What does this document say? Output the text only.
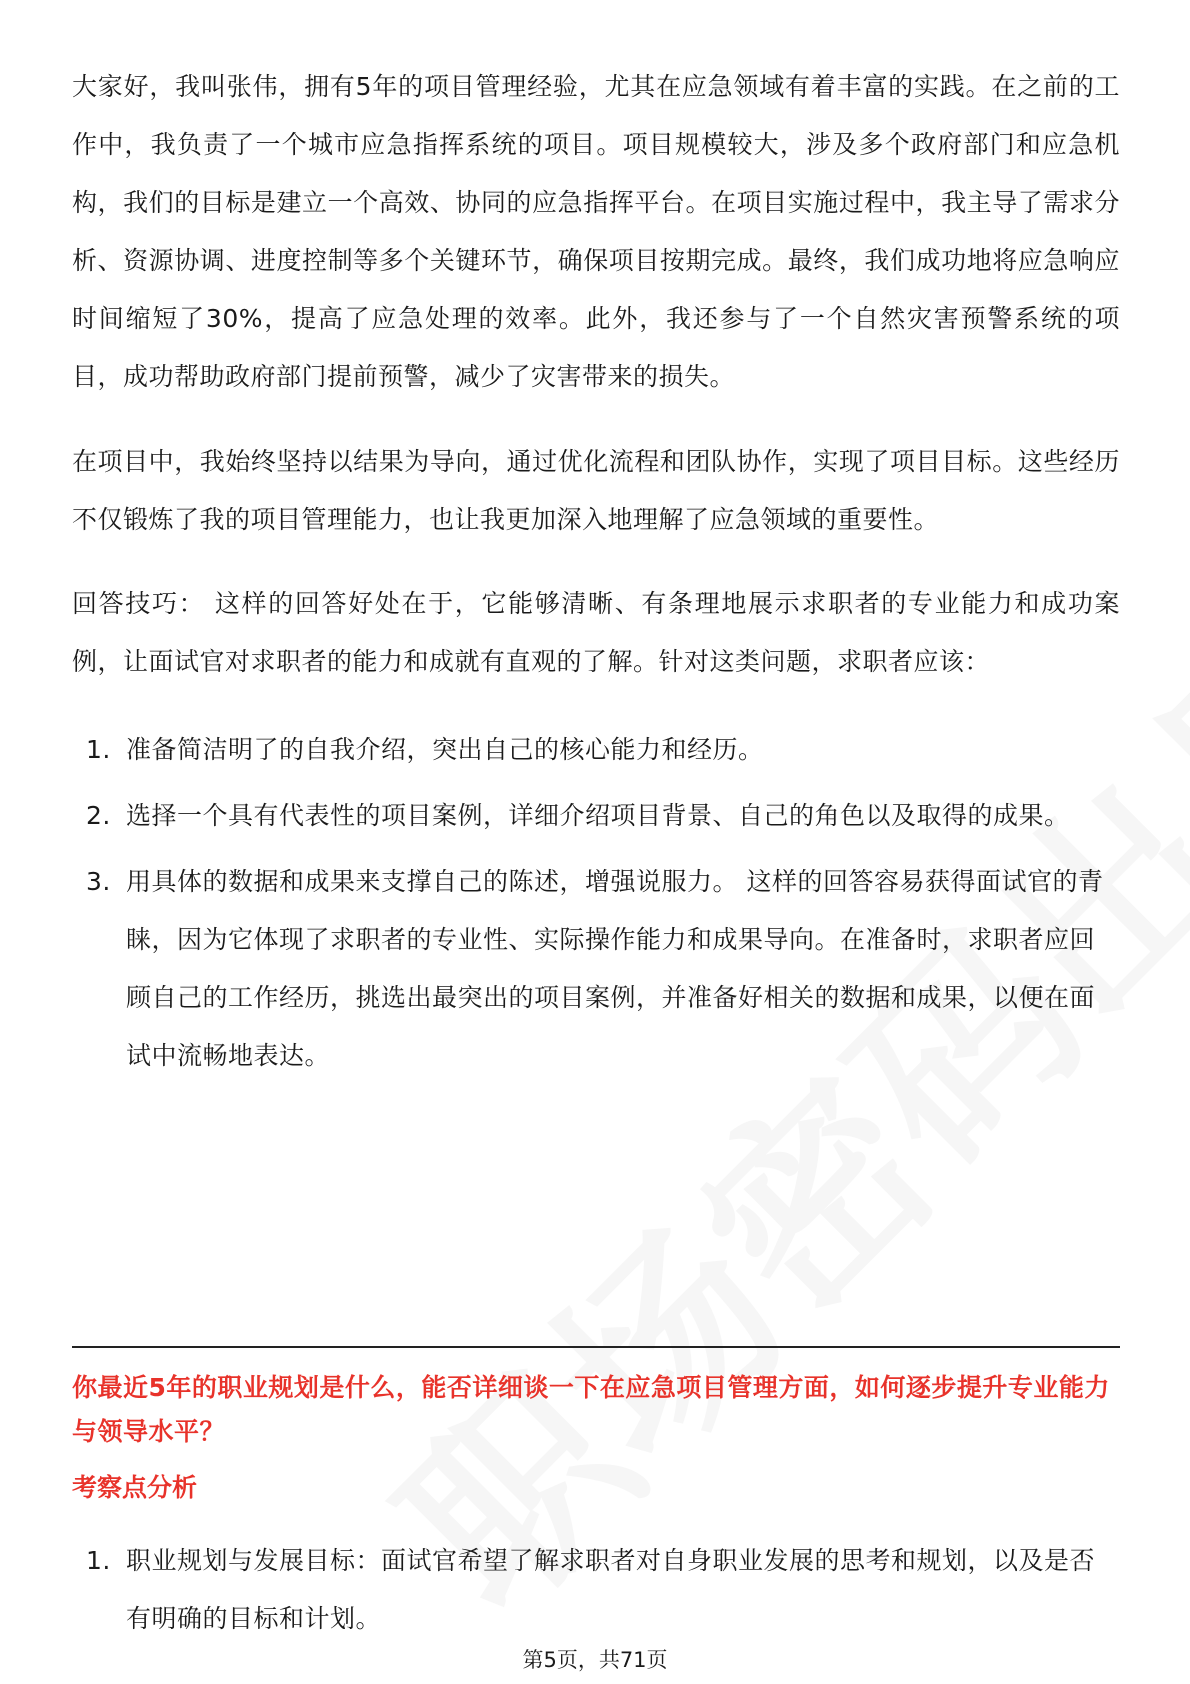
大家好，我叫张伟，拥有5年的项目管理经验，尤其在应急领域有着丰富的实践。在之前的工作中，我负责了一个城市应急指挥系统的项目。项目规模较大，涉及多个政府部门和应急机构，我们的目标是建立一个高效、协同的应急指挥平台。在项目实施过程中，我主导了需求分析、资源协调、进度控制等多个关键环节，确保项目按期完成。最终，我们成功地将应急响应时间缩短了30%，提高了应急处理的效率。此外，我还参与了一个自然灾害预警系统的项目，成功帮助政府部门提前预警，减少了灾害带来的损失。

在项目中，我始终坚持以结果为导向，通过优化流程和团队协作，实现了项目目标。这些经历不仅锻炼了我的项目管理能力，也让我更加深入地理解了应急领域的重要性。

回答技巧： 这样的回答好处在于，它能够清晰、有条理地展示求职者的专业能力和成功案例，让面试官对求职者的能力和成就有直观的了解。针对这类问题，求职者应该：

1. 准备简洁明了的自我介绍，突出自己的核心能力和经历。
2. 选择一个具有代表性的项目案例，详细介绍项目背景、自己的角色以及取得的成果。
3. 用具体的数据和成果来支撑自己的陈述，增强说服力。 这样的回答容易获得面试官的青睐，因为它体现了求职者的专业性、实际操作能力和成果导向。在准备时，求职者应回顾自己的工作经历，挑选出最突出的项目案例，并准备好相关的数据和成果，以便在面试中流畅地表达。

你最近5年的职业规划是什么，能否详细谈一下在应急项目管理方面，如何逐步提升专业能力与领导水平？

考察点分析

1. 职业规划与发展目标：面试官希望了解求职者对自身职业发展的思考和规划，以及是否有明确的目标和计划。
第5页，共71页
